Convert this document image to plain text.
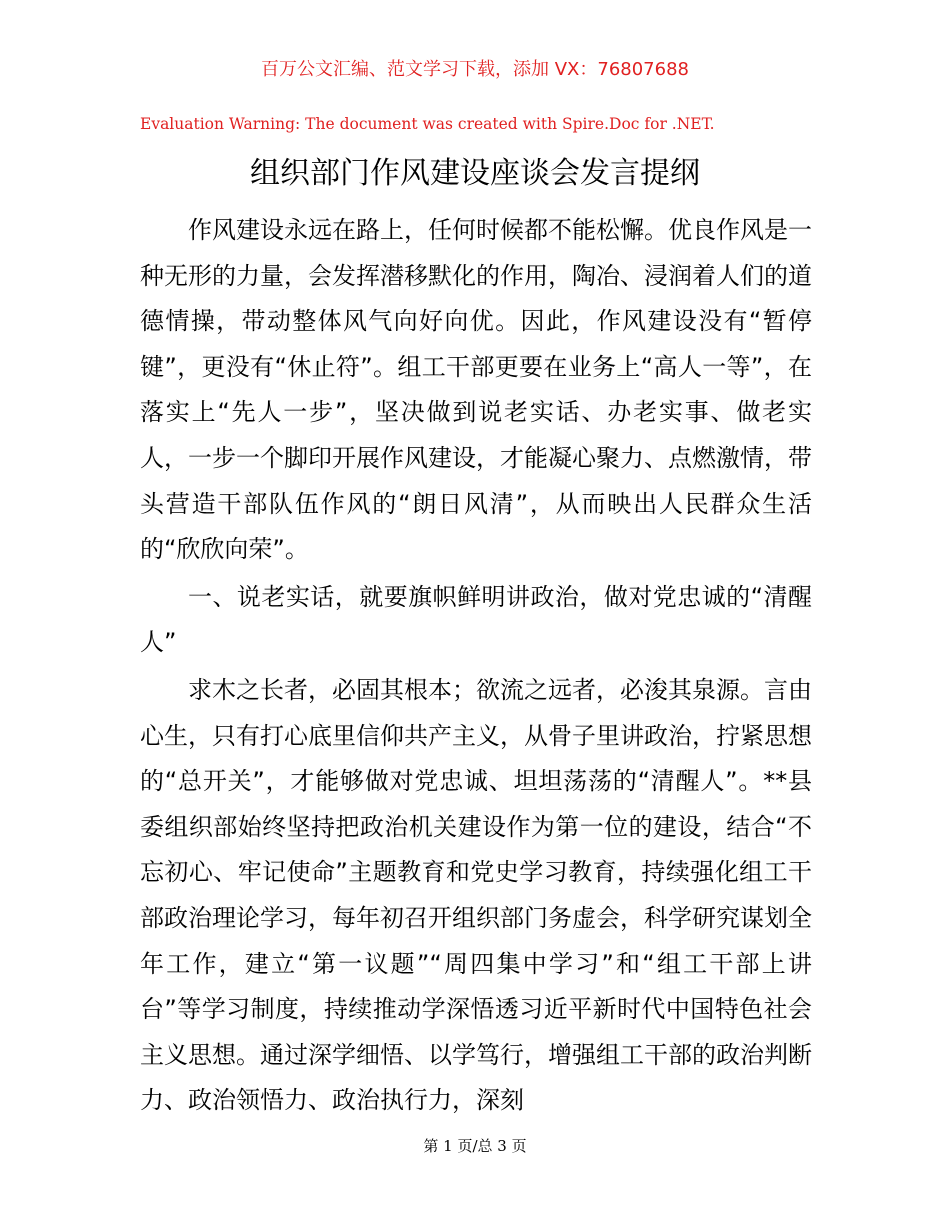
百万公文汇编、范文学习下载，添加 VX：76807688
Evaluation Warning: The document was created with Spire.Doc for .NET.
组织部门作风建设座谈会发言提纲

作风建设永远在路上，任何时候都不能松懈。优良作风是一种无形的力量，会发挥潜移默化的作用，陶冶、浸润着人们的道德情操，带动整体风气向好向优。因此，作风建设没有“暂停键”，更没有“休止符”。组工干部更要在业务上“高人一等”，在落实上“先人一步”，坚决做到说老实话、办老实事、做老实人，一步一个脚印开展作风建设，才能凝心聚力、点燃激情，带头营造干部队伍作风的“朗日风清”，从而映出人民群众生活的“欣欣向荣”。

一、说老实话，就要旗帜鲜明讲政治，做对党忠诚的“清醒人”

求木之长者，必固其根本；欲流之远者，必浚其泉源。言由心生，只有打心底里信仰共产主义，从骨子里讲政治，拧紧思想的“总开关”，才能够做对党忠诚、坦坦荡荡的“清醒人”。**县委组织部始终坚持把政治机关建设作为第一位的建设，结合“不忘初心、牢记使命”主题教育和党史学习教育，持续强化组工干部政治理论学习，每年初召开组织部门务虚会，科学研究谋划全年工作，建立“第一议题”“周四集中学习”和“组工干部上讲台”等学习制度，持续推动学深悟透习近平新时代中国特色社会主义思想。通过深学细悟、以学笃行，增强组工干部的政治判断力、政治领悟力、政治执行力，深刻

第 1 页/总 3 页
